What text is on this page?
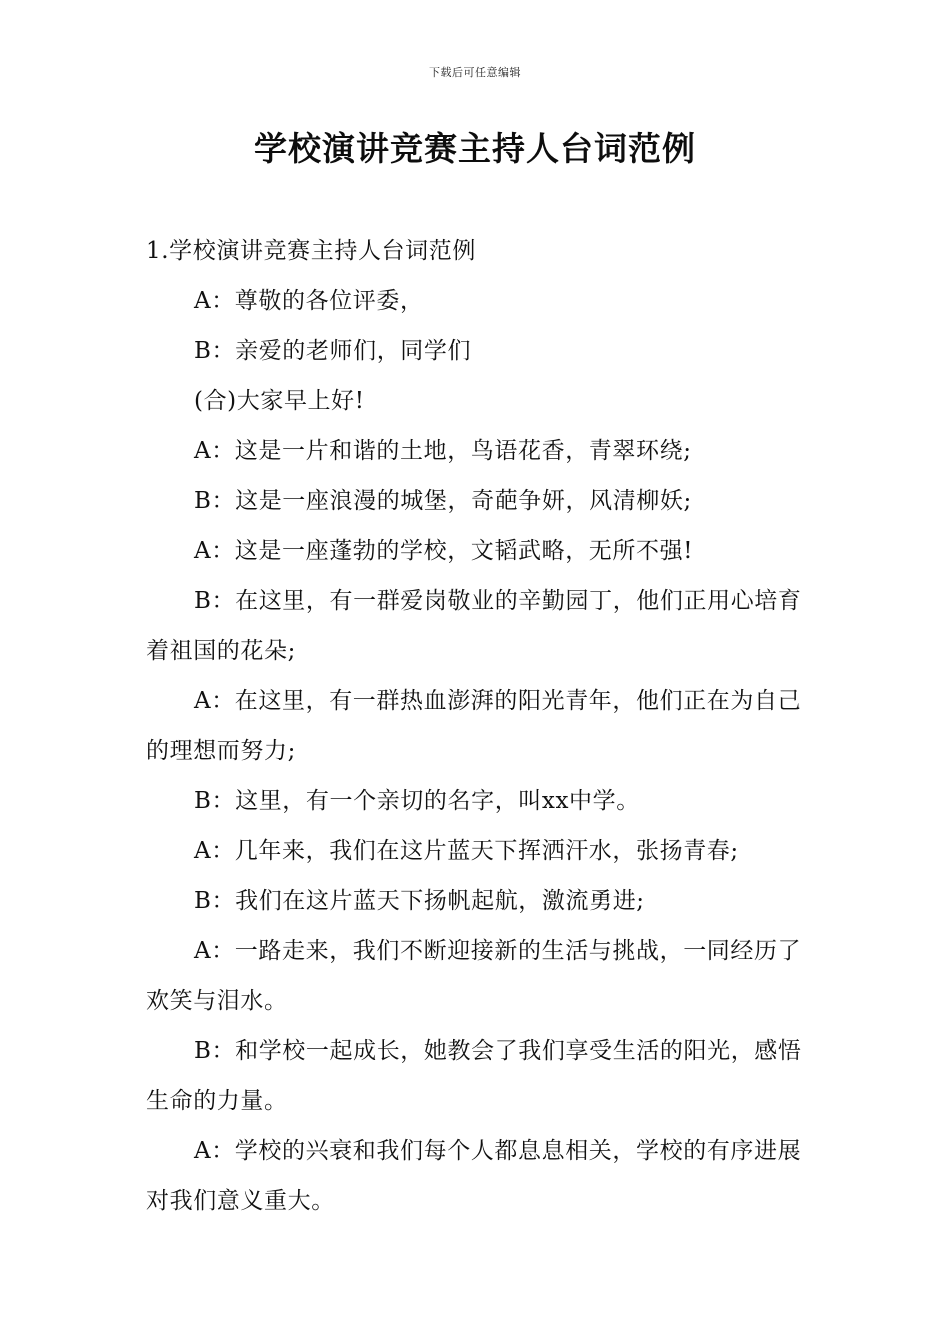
下载后可任意编辑
学校演讲竞赛主持人台词范例

1.学校演讲竞赛主持人台词范例

A：尊敬的各位评委，

B：亲爱的老师们，同学们

(合)大家早上好!

A：这是一片和谐的土地，鸟语花香，青翠环绕;

B：这是一座浪漫的城堡，奇葩争妍，风清柳妖;

A：这是一座蓬勃的学校，文韬武略，无所不强!

B：在这里，有一群爱岗敬业的辛勤园丁，他们正用心培育着祖国的花朵;

A：在这里，有一群热血澎湃的阳光青年，他们正在为自己的理想而努力;

B：这里，有一个亲切的名字，叫xx中学。

A：几年来，我们在这片蓝天下挥洒汗水，张扬青春;

B：我们在这片蓝天下扬帆起航，激流勇进;

A：一路走来，我们不断迎接新的生活与挑战，一同经历了欢笑与泪水。

B：和学校一起成长，她教会了我们享受生活的阳光，感悟生命的力量。

A：学校的兴衰和我们每个人都息息相关，学校的有序进展对我们意义重大。
